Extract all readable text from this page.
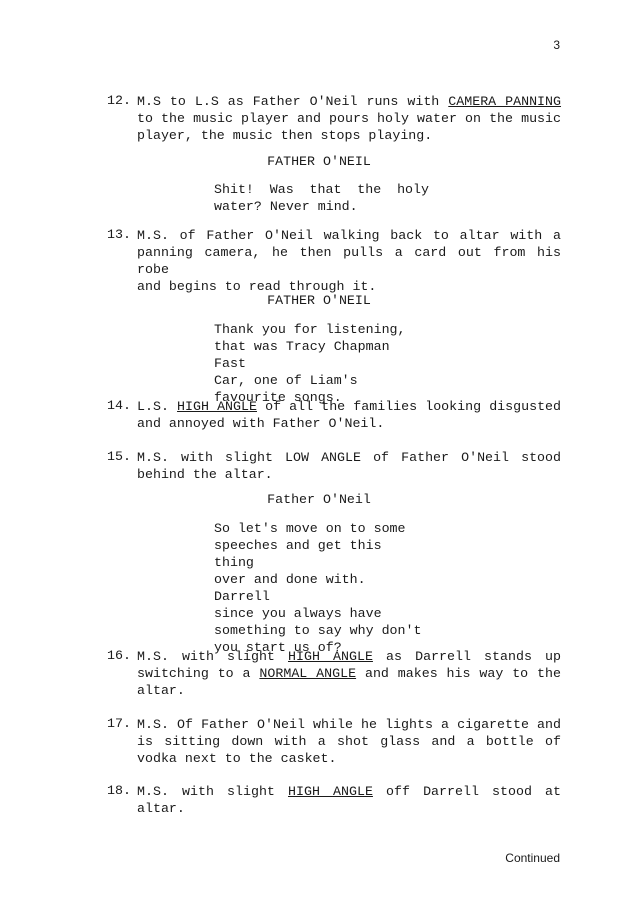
3
12. M.S to L.S as Father O'Neil runs with CAMERA PANNING
to the music player and pours holy water on the music
player, the music then stops playing.
FATHER O'NEIL
Shit! Was that the holy
water? Never mind.
13. M.S. of Father O'Neil walking back to altar with a
panning camera, he then pulls a card out from his robe
and begins to read through it.
FATHER O'NEIL
Thank you for listening,
that was Tracy Chapman Fast
Car, one of Liam's
favourite songs.
14. L.S. HIGH ANGLE of all the families looking disgusted
and annoyed with Father O'Neil.
15. M.S. with slight LOW ANGLE of Father O'Neil stood
behind the altar.
Father O'Neil
So let's move on to some
speeches and get this thing
over and done with. Darrell
since you always have
something to say why don't
you start us of?
16. M.S. with slight HIGH ANGLE as Darrell stands up
switching to a NORMAL ANGLE and makes his way to the
altar.
17. M.S. Of Father O'Neil while he lights a cigarette and
is sitting down with a shot glass and a bottle of
vodka next to the casket.
18. M.S. with slight HIGH ANGLE off Darrell stood at
altar.
Continued
